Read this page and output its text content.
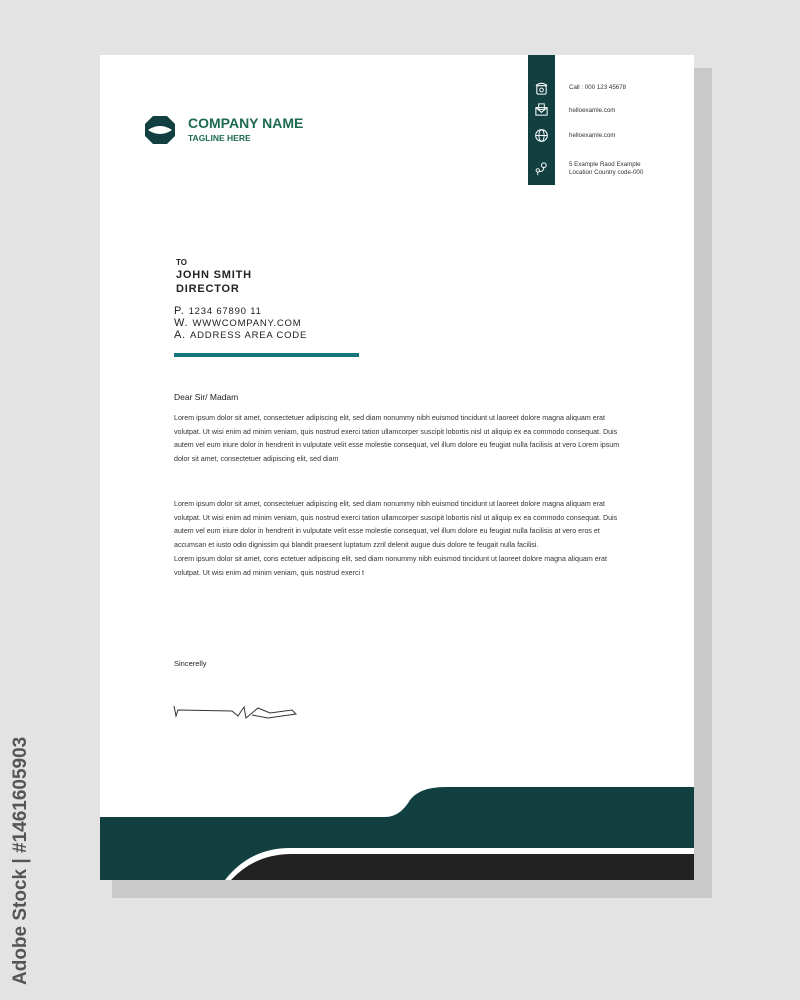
Call : 000 123 45678
helloexamle.com
helloexamle.com
5 Example Raod Example
Location Country code-000
COMPANY NAME
TAGLINE HERE
TO
JOHN SMITH
DIRECTOR
P. 1234 67890 11
W. WWWCOMPANY.COM
A. ADDRESS AREA CODE
Dear Sir/ Madam
Lorem ipsum dolor sit amet, consectetuer adipiscing elit, sed diam nonummy nibh euismod tincidunt ut laoreet dolore magna aliquam erat volutpat. Ut wisi enim ad minim veniam, quis nostrud exerci tation ullamcorper suscipit lobortis nisl ut aliquip ex ea commodo consequat. Duis autem vel eum iriure dolor in hendrerit in vulputate velit esse molestie consequat, vel illum dolore eu feugiat nulla facilisis at vero Lorem ipsum dolor sit amet, consectetuer adipiscing elit, sed diam
Lorem ipsum dolor sit amet, consectetuer adipiscing elit, sed diam nonummy nibh euismod tincidunt ut laoreet dolore magna aliquam erat volutpat. Ut wisi enim ad minim veniam, quis nostrud exerci tation ullamcorper suscipit lobortis nisl ut aliquip ex ea commodo consequat. Duis autem vel eum iriure dolor in hendrerit in vulputate velit esse molestie consequat, vel illum dolore eu feugiat nulla facilisis at vero eros et accumsan et iusto odio dignissim qui blandit praesent luptatum zzril delenit augue duis dolore te feugait nulla facilisi.
Lorem ipsum dolor sit amet, cons ectetuer adipiscing elit, sed diam nonummy nibh euismod tincidunt ut laoreet dolore magna aliquam erat volutpat. Ut wisi enim ad minim veniam, quis nostrud exerci t
Sincerelly
Adobe Stock | #1461605903
